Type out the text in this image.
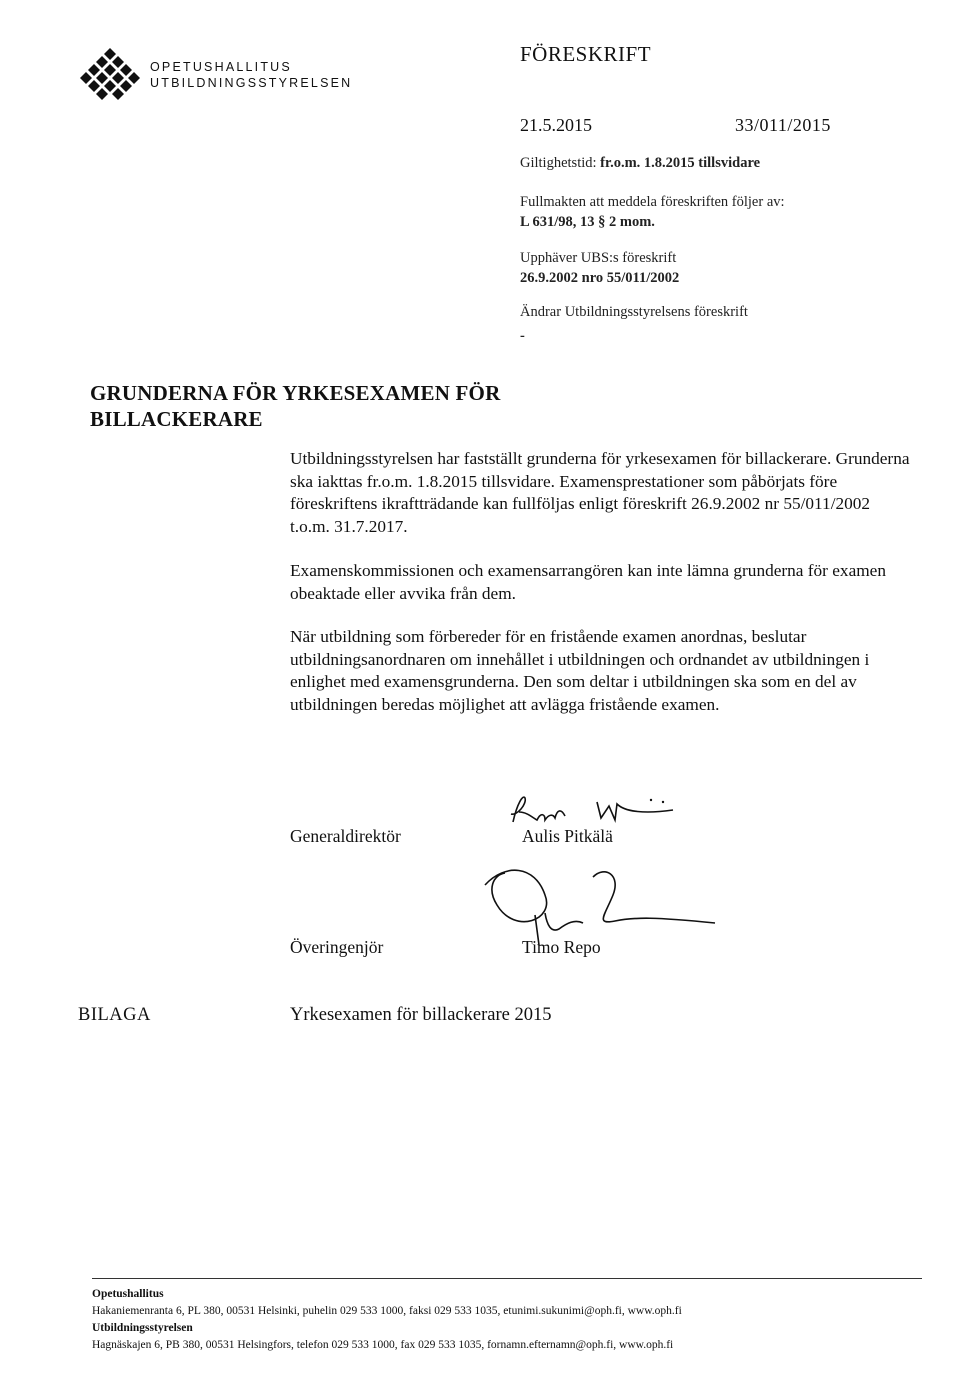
OPETUSHALLITUS
UTBILDNINGSSTYRELSEN
FÖRESKRIFT
21.5.2015	33/011/2015
Giltighetstid: fr.o.m. 1.8.2015 tillsvidare
Fullmakten att meddela föreskriften följer av:
L 631/98, 13 § 2 mom.
Upphäver UBS:s föreskrift
26.9.2002 nro 55/011/2002
Ändrar Utbildningsstyrelsens föreskrift
-
GRUNDERNA FÖR YRKESEXAMEN FÖR
BILLACKERARE
Utbildningsstyrelsen har fastställt grunderna för yrkesexamen för billackerare. Grunderna ska iakttas fr.o.m. 1.8.2015 tillsvidare. Examensprestationer som påbörjats före föreskriftens ikraftträdande kan fullföljas enligt föreskrift 26.9.2002 nr 55/011/2002 t.o.m. 31.7.2017.
Examenskommissionen och examensarrangören kan inte lämna grunderna för examen obeaktade eller avvika från dem.
När utbildning som förbereder för en fristående examen anordnas, beslutar utbildningsanordnaren om innehållet i utbildningen och ordnandet av utbildningen i enlighet med examensgrunderna. Den som deltar i utbildningen ska som en del av utbildningen beredas möjlighet att avlägga fristående examen.
Generaldirektör	Aulis Pitkälä
Överingenjör	Timo Repo
BILAGA	Yrkesexamen för billackerare 2015
Opetushallitus
Hakaniemenranta 6, PL 380, 00531 Helsinki, puhelin 029 533 1000, faksi 029 533 1035, etunimi.sukunimi@oph.fi, www.oph.fi
Utbildningsstyrelsen
Hagnäskajen 6, PB 380, 00531 Helsingfors, telefon 029 533 1000, fax 029 533 1035, fornamn.efternamn@oph.fi, www.oph.fi
